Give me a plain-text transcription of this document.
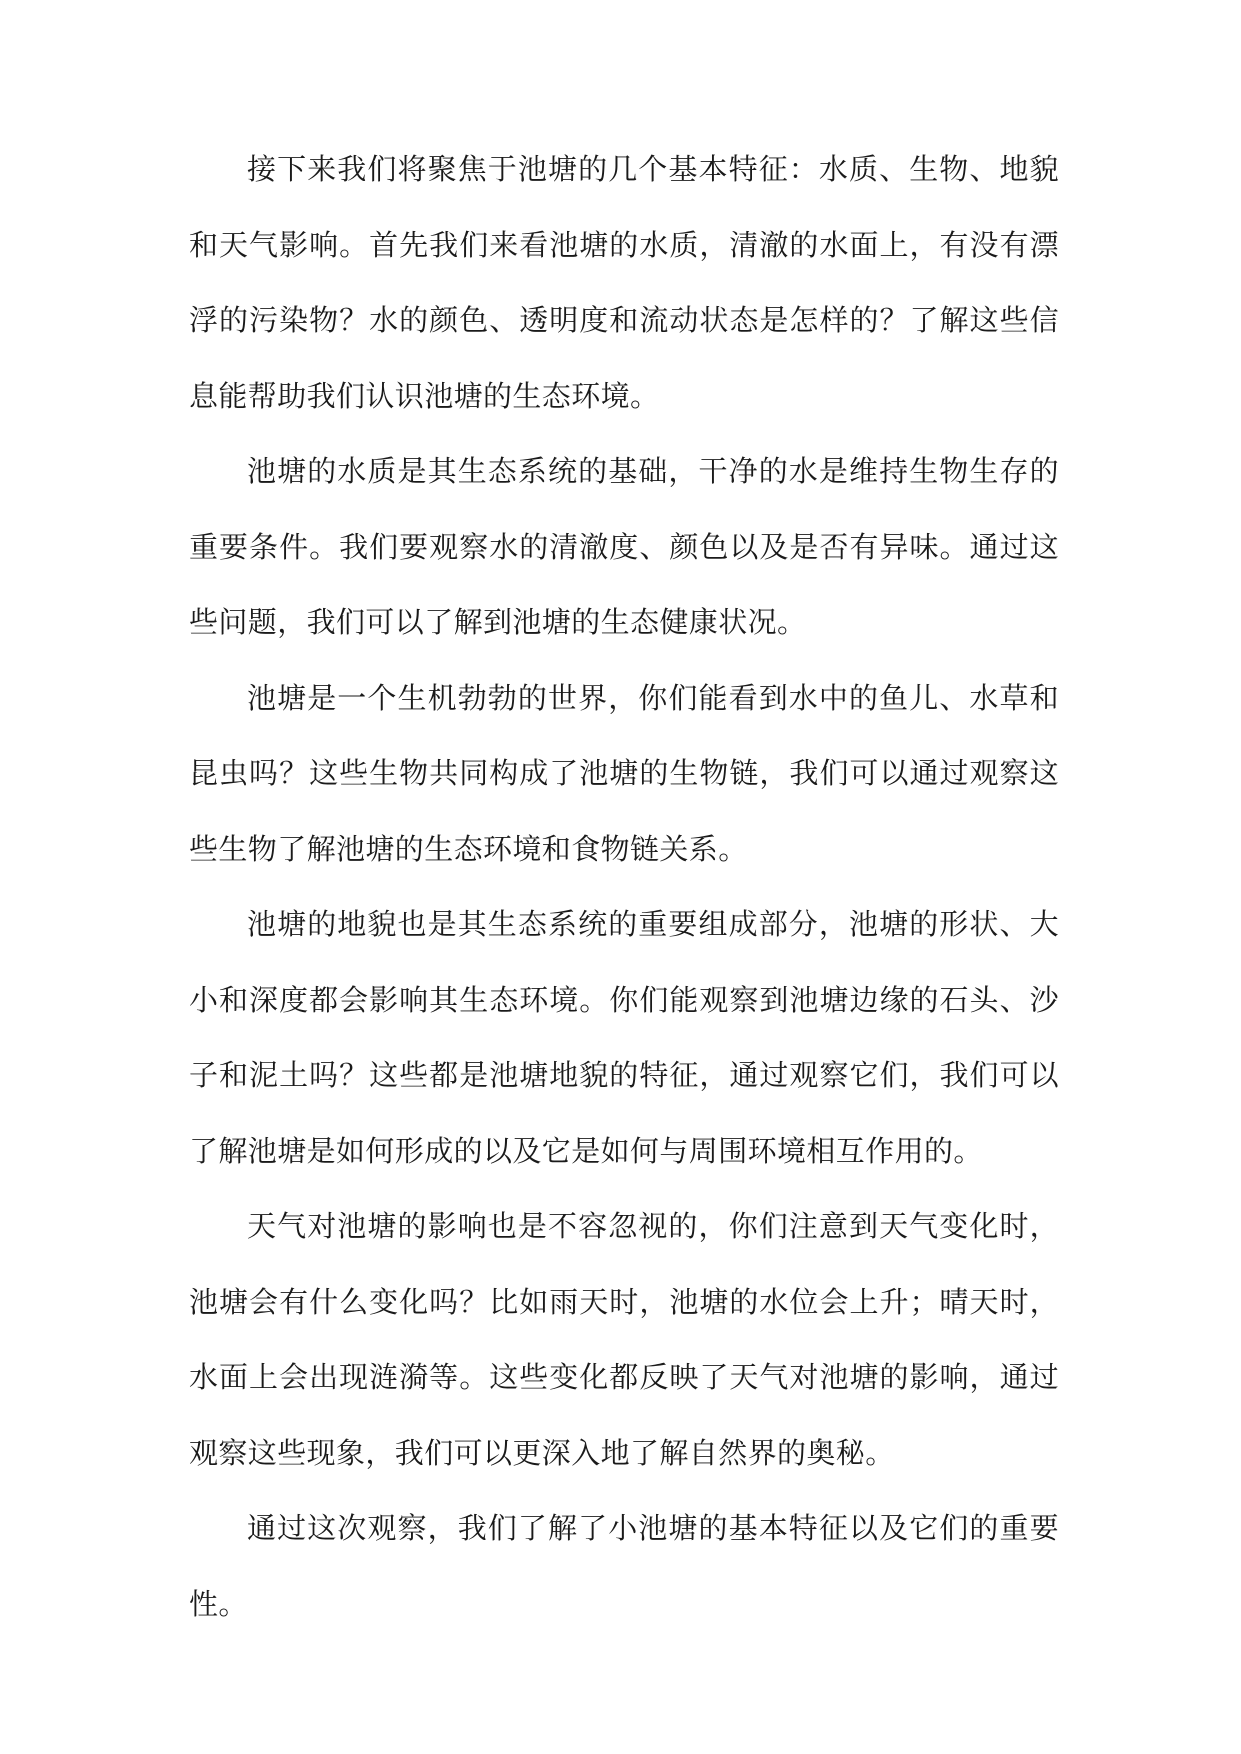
接下来我们将聚焦于池塘的几个基本特征：水质、生物、地貌和天气影响。首先我们来看池塘的水质，清澈的水面上，有没有漂浮的污染物？水的颜色、透明度和流动状态是怎样的？了解这些信息能帮助我们认识池塘的生态环境。

池塘的水质是其生态系统的基础，干净的水是维持生物生存的重要条件。我们要观察水的清澈度、颜色以及是否有异味。通过这些问题，我们可以了解到池塘的生态健康状况。

池塘是一个生机勃勃的世界，你们能看到水中的鱼儿、水草和昆虫吗？这些生物共同构成了池塘的生物链，我们可以通过观察这些生物了解池塘的生态环境和食物链关系。

池塘的地貌也是其生态系统的重要组成部分，池塘的形状、大小和深度都会影响其生态环境。你们能观察到池塘边缘的石头、沙子和泥土吗？这些都是池塘地貌的特征，通过观察它们，我们可以了解池塘是如何形成的以及它是如何与周围环境相互作用的。

天气对池塘的影响也是不容忽视的，你们注意到天气变化时，池塘会有什么变化吗？比如雨天时，池塘的水位会上升；晴天时，水面上会出现涟漪等。这些变化都反映了天气对池塘的影响，通过观察这些现象，我们可以更深入地了解自然界的奥秘。

通过这次观察，我们了解了小池塘的基本特征以及它们的重要性。
